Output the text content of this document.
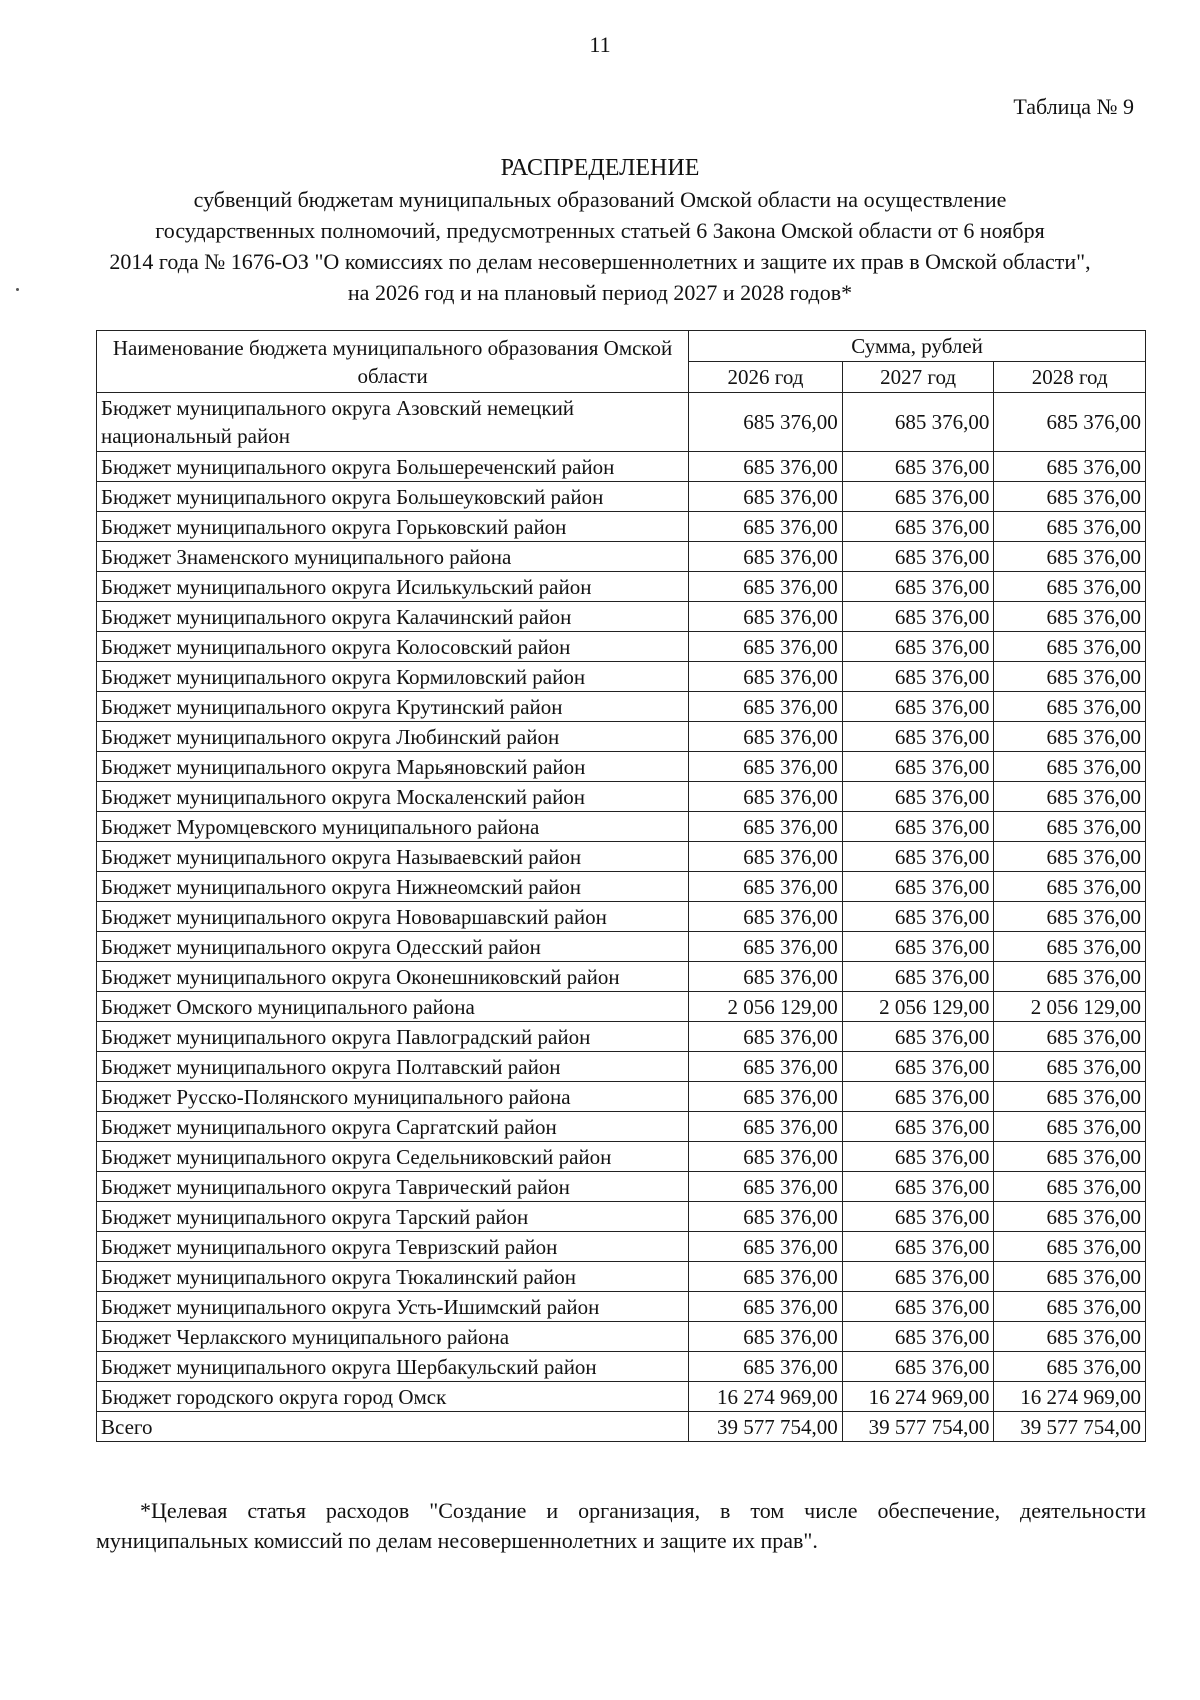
11
Таблица № 9
РАСПРЕДЕЛЕНИЕ
субвенций бюджетам муниципальных образований Омской области на осуществление
государственных полномочий, предусмотренных статьей 6 Закона Омской области от 6 ноября
2014 года № 1676-ОЗ "О комиссиях по делам несовершеннолетних и защите их прав в Омской области",
на 2026 год и на плановый период 2027 и 2028 годов*
Наименование бюджета муниципального образования Омской области	Сумма, рублей		
	2026 год	2027 год	2028 год
Бюджет муниципального округа Азовский немецкий национальный район	685 376,00	685 376,00	685 376,00
Бюджет муниципального округа Большереченский район	685 376,00	685 376,00	685 376,00
Бюджет муниципального округа Большеуковский район	685 376,00	685 376,00	685 376,00
Бюджет муниципального округа Горьковский район	685 376,00	685 376,00	685 376,00
Бюджет Знаменского муниципального района	685 376,00	685 376,00	685 376,00
Бюджет муниципального округа Исилькульский район	685 376,00	685 376,00	685 376,00
Бюджет муниципального округа Калачинский район	685 376,00	685 376,00	685 376,00
Бюджет муниципального округа Колосовский район	685 376,00	685 376,00	685 376,00
Бюджет муниципального округа Кормиловский район	685 376,00	685 376,00	685 376,00
Бюджет муниципального округа Крутинский район	685 376,00	685 376,00	685 376,00
Бюджет муниципального округа Любинский район	685 376,00	685 376,00	685 376,00
Бюджет муниципального округа Марьяновский район	685 376,00	685 376,00	685 376,00
Бюджет муниципального округа Москаленский район	685 376,00	685 376,00	685 376,00
Бюджет Муромцевского муниципального района	685 376,00	685 376,00	685 376,00
Бюджет муниципального округа Называевский район	685 376,00	685 376,00	685 376,00
Бюджет муниципального округа Нижнеомский район	685 376,00	685 376,00	685 376,00
Бюджет муниципального округа Нововаршавский район	685 376,00	685 376,00	685 376,00
Бюджет муниципального округа Одесский район	685 376,00	685 376,00	685 376,00
Бюджет муниципального округа Оконешниковский район	685 376,00	685 376,00	685 376,00
Бюджет Омского муниципального района	2 056 129,00	2 056 129,00	2 056 129,00
Бюджет муниципального округа Павлоградский район	685 376,00	685 376,00	685 376,00
Бюджет муниципального округа Полтавский район	685 376,00	685 376,00	685 376,00
Бюджет Русско-Полянского муниципального района	685 376,00	685 376,00	685 376,00
Бюджет муниципального округа Саргатский район	685 376,00	685 376,00	685 376,00
Бюджет муниципального округа Седельниковский район	685 376,00	685 376,00	685 376,00
Бюджет муниципального округа Таврический район	685 376,00	685 376,00	685 376,00
Бюджет муниципального округа Тарский район	685 376,00	685 376,00	685 376,00
Бюджет муниципального округа Тевризский район	685 376,00	685 376,00	685 376,00
Бюджет муниципального округа Тюкалинский район	685 376,00	685 376,00	685 376,00
Бюджет муниципального округа Усть-Ишимский район	685 376,00	685 376,00	685 376,00
Бюджет Черлакского муниципального района	685 376,00	685 376,00	685 376,00
Бюджет муниципального округа Шербакульский район	685 376,00	685 376,00	685 376,00
Бюджет городского округа город Омск	16 274 969,00	16 274 969,00	16 274 969,00
Всего	39 577 754,00	39 577 754,00	39 577 754,00
*Целевая статья расходов "Создание и организация, в том числе обеспечение, деятельности муниципальных комиссий по делам несовершеннолетних и защите их прав".
